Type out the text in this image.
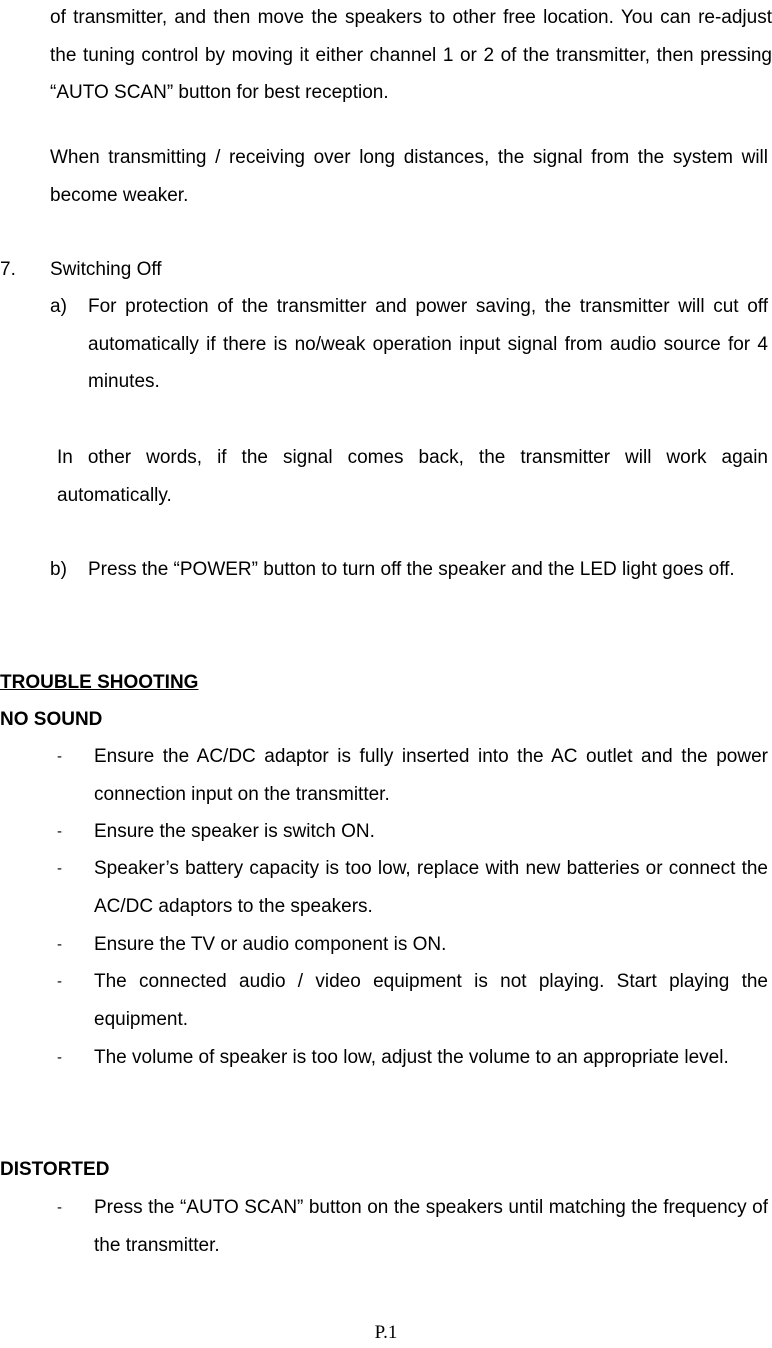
of transmitter, and then move the speakers to other free location. You can re-adjust the tuning control by moving it either channel 1 or 2 of the transmitter, then pressing “AUTO SCAN” button for best reception.
When transmitting / receiving over long distances, the signal from the system will become weaker.
7. Switching Off
a) For protection of the transmitter and power saving, the transmitter will cut off automatically if there is no/weak operation input signal from audio source for 4 minutes.
In other words, if the signal comes back, the transmitter will work again automatically.
b) Press the “POWER” button to turn off the speaker and the LED light goes off.
TROUBLE SHOOTING
NO SOUND
- Ensure the AC/DC adaptor is fully inserted into the AC outlet and the power connection input on the transmitter.
- Ensure the speaker is switch ON.
- Speaker’s battery capacity is too low, replace with new batteries or connect the AC/DC adaptors to the speakers.
- Ensure the TV or audio component is ON.
- The connected audio / video equipment is not playing. Start playing the equipment.
- The volume of speaker is too low, adjust the volume to an appropriate level.
DISTORTED
- Press the “AUTO SCAN” button on the speakers until matching the frequency of the transmitter.
P.1
